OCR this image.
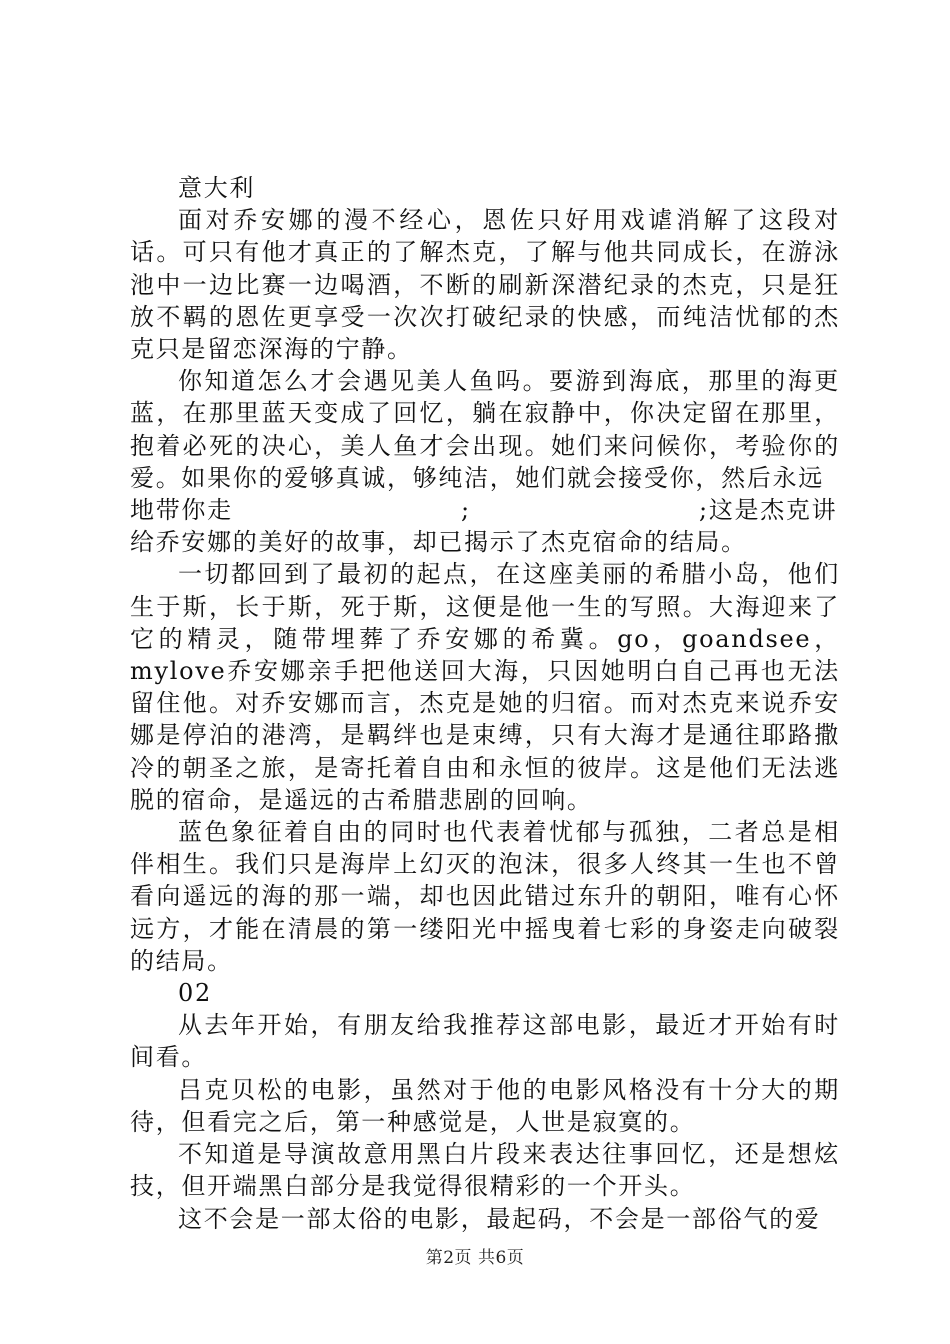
意大利

面对乔安娜的漫不经心，恩佐只好用戏谑消解了这段对话。可只有他才真正的了解杰克，了解与他共同成长，在游泳池中一边比赛一边喝酒，不断的刷新深潜纪录的杰克，只是狂放不羁的恩佐更享受一次次打破纪录的快感，而纯洁忧郁的杰克只是留恋深海的宁静。

你知道怎么才会遇见美人鱼吗。要游到海底，那里的海更蓝，在那里蓝天变成了回忆，躺在寂静中，你决定留在那里，抱着必死的决心，美人鱼才会出现。她们来问候你，考验你的爱。如果你的爱够真诚，够纯洁，她们就会接受你，然后永远

地带你走	;	;这是杰克讲
给乔安娜的美好的故事，却已揭示了杰克宿命的结局。

一切都回到了最初的起点，在这座美丽的希腊小岛，他们生于斯，长于斯，死于斯，这便是他一生的写照。大海迎来了它的精灵，随带埋葬了乔安娜的希冀。go，goandsee，mylove乔安娜亲手把他送回大海，只因她明白自己再也无法留住他。对乔安娜而言，杰克是她的归宿。而对杰克来说乔安娜是停泊的港湾，是羁绊也是束缚，只有大海才是通往耶路撒冷的朝圣之旅，是寄托着自由和永恒的彼岸。这是他们无法逃脱的宿命，是遥远的古希腊悲剧的回响。

蓝色象征着自由的同时也代表着忧郁与孤独，二者总是相伴相生。我们只是海岸上幻灭的泡沫，很多人终其一生也不曾看向遥远的海的那一端，却也因此错过东升的朝阳，唯有心怀远方，才能在清晨的第一缕阳光中摇曳着七彩的身姿走向破裂的结局。

02

从去年开始，有朋友给我推荐这部电影，最近才开始有时间看。

吕克贝松的电影，虽然对于他的电影风格没有十分大的期待，但看完之后，第一种感觉是，人世是寂寞的。

不知道是导演故意用黑白片段来表达往事回忆，还是想炫技，但开端黑白部分是我觉得很精彩的一个开头。

这不会是一部太俗的电影，最起码，不会是一部俗气的爱

第2页 共6页
